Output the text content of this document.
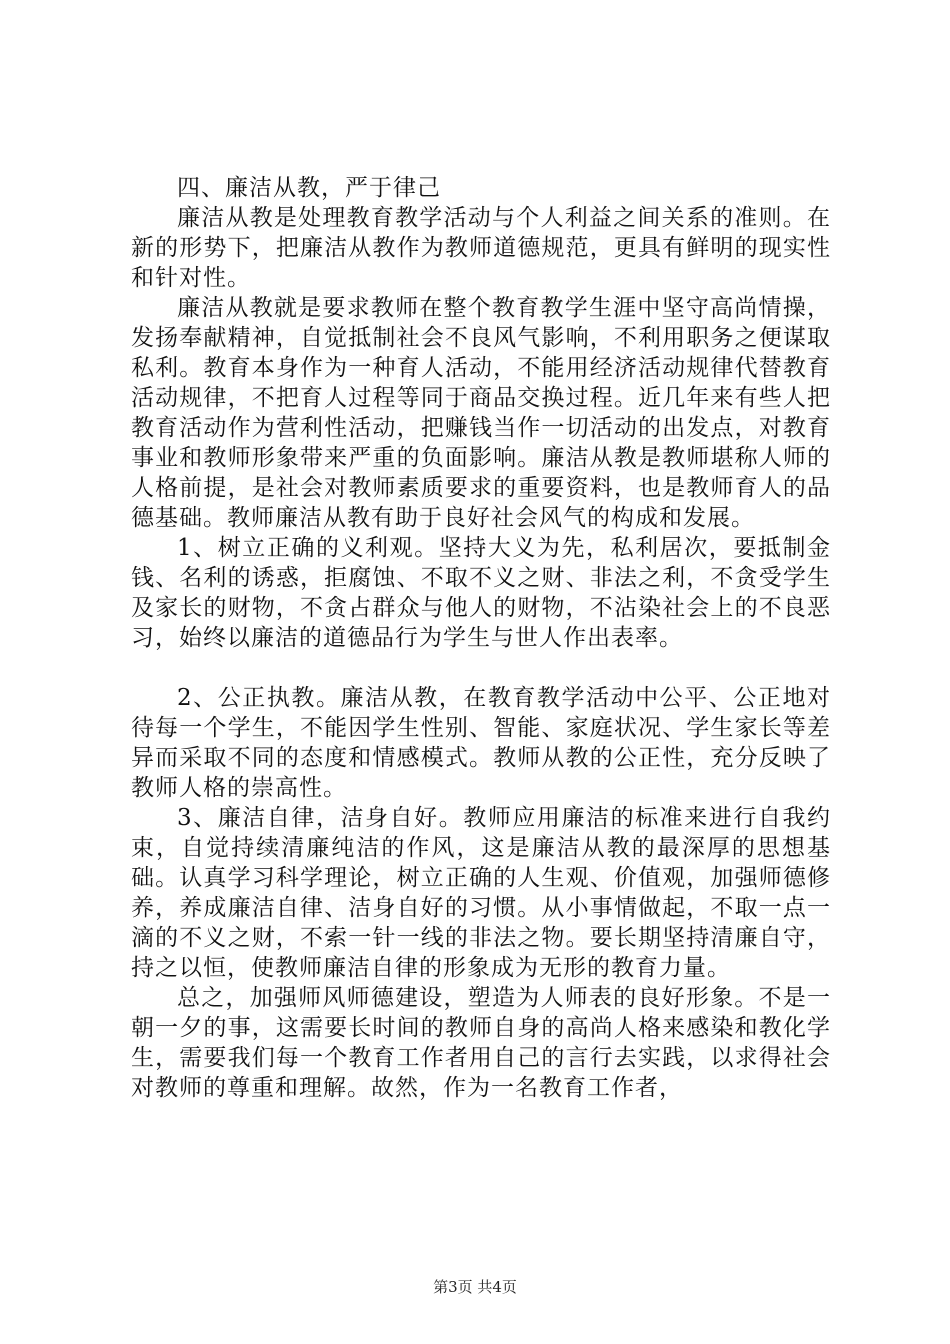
四、廉洁从教，严于律己

廉洁从教是处理教育教学活动与个人利益之间关系的准则。在新的形势下，把廉洁从教作为教师道德规范，更具有鲜明的现实性和针对性。

廉洁从教就是要求教师在整个教育教学生涯中坚守高尚情操，发扬奉献精神，自觉抵制社会不良风气影响，不利用职务之便谋取私利。教育本身作为一种育人活动，不能用经济活动规律代替教育活动规律，不把育人过程等同于商品交换过程。近几年来有些人把教育活动作为营利性活动，把赚钱当作一切活动的出发点，对教育事业和教师形象带来严重的负面影响。廉洁从教是教师堪称人师的人格前提，是社会对教师素质要求的重要资料，也是教师育人的品德基础。教师廉洁从教有助于良好社会风气的构成和发展。

1、树立正确的义利观。坚持大义为先，私利居次，要抵制金钱、名利的诱惑，拒腐蚀、不取不义之财、非法之利，不贪受学生及家长的财物，不贪占群众与他人的财物，不沾染社会上的不良恶习，始终以廉洁的道德品行为学生与世人作出表率。

2、公正执教。廉洁从教，在教育教学活动中公平、公正地对待每一个学生，不能因学生性别、智能、家庭状况、学生家长等差异而采取不同的态度和情感模式。教师从教的公正性，充分反映了教师人格的崇高性。

3、廉洁自律，洁身自好。教师应用廉洁的标准来进行自我约束，自觉持续清廉纯洁的作风，这是廉洁从教的最深厚的思想基础。认真学习科学理论，树立正确的人生观、价值观，加强师德修养，养成廉洁自律、洁身自好的习惯。从小事情做起，不取一点一滴的不义之财，不索一针一线的非法之物。要长期坚持清廉自守，持之以恒，使教师廉洁自律的形象成为无形的教育力量。

总之，加强师风师德建设，塑造为人师表的良好形象。不是一朝一夕的事，这需要长时间的教师自身的高尚人格来感染和教化学生，需要我们每一个教育工作者用自己的言行去实践，以求得社会对教师的尊重和理解。故然，作为一名教育工作者，

第3页 共4页
